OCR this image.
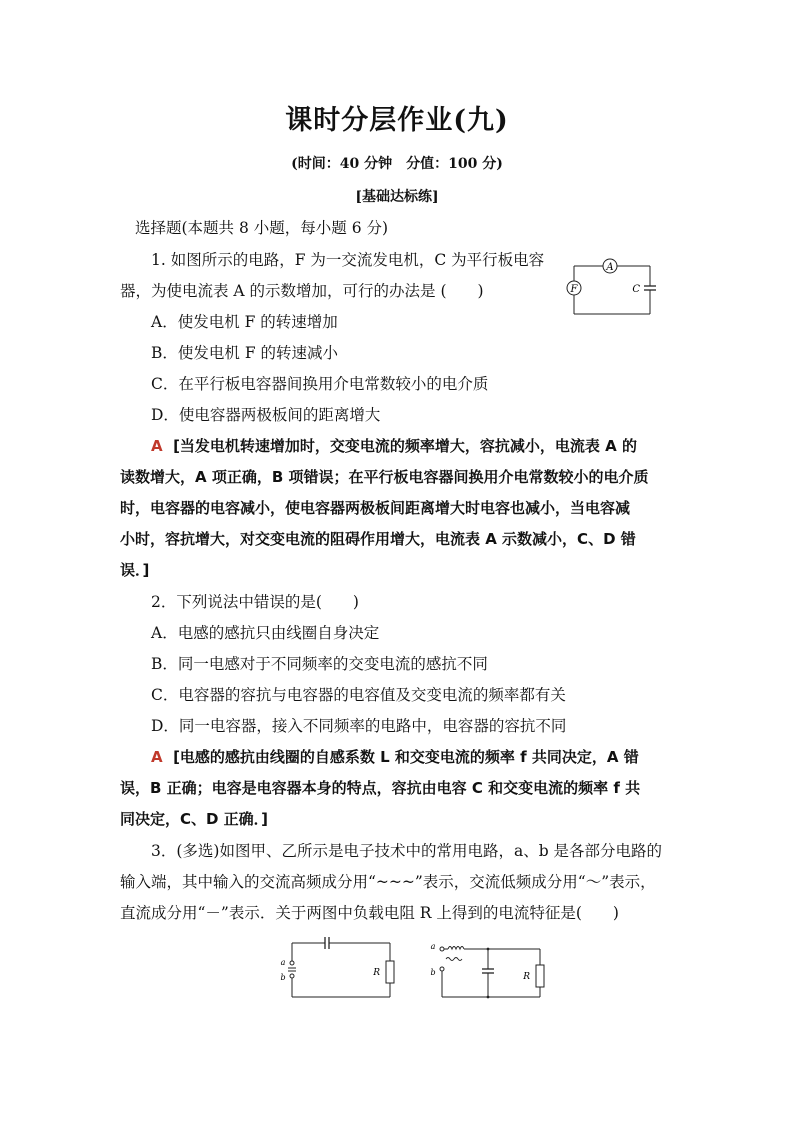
课时分层作业(九)
(时间：40 分钟　分值：100 分)
[基础达标练]
选择题(本题共 8 小题，每小题 6 分)
1. 如图所示的电路，F 为一交流发电机，C 为平行板电容
器，为使电流表 A 的示数增加，可行的办法是 (　　)
A
F	C
A．使发电机 F 的转速增加
B．使发电机 F 的转速减小
C．在平行板电容器间换用介电常数较小的电介质
D．使电容器两极板间的距离增大
A [当发电机转速增加时，交变电流的频率增大，容抗减小，电流表 A 的
读数增大，A 项正确，B 项错误；在平行板电容器间换用介电常数较小的电介质
时，电容器的电容减小，使电容器两极板间距离增大时电容也减小，当电容减
小时，容抗增大，对交变电流的阻碍作用增大，电流表 A 示数减小，C、D 错
误．]
2．下列说法中错误的是(　　)
A．电感的感抗只由线圈自身决定
B．同一电感对于不同频率的交变电流的感抗不同
C．电容器的容抗与电容器的电容值及交变电流的频率都有关
D．同一电容器，接入不同频率的电路中，电容器的容抗不同
A [电感的感抗由线圈的自感系数 L 和交变电流的频率 f 共同决定，A 错
误，B 正确；电容是电容器本身的特点，容抗由电容 C 和交变电流的频率 f 共
同决定，C、D 正确．]
3．(多选)如图甲、乙所示是电子技术中的常用电路，a、b 是各部分电路的
输入端，其中输入的交流高频成分用“~~~”表示，交流低频成分用“～”表示，
直流成分用“－”表示．关于两图中负载电阻 R 上得到的电流特征是(　　)
a
b	R
a
b	R
